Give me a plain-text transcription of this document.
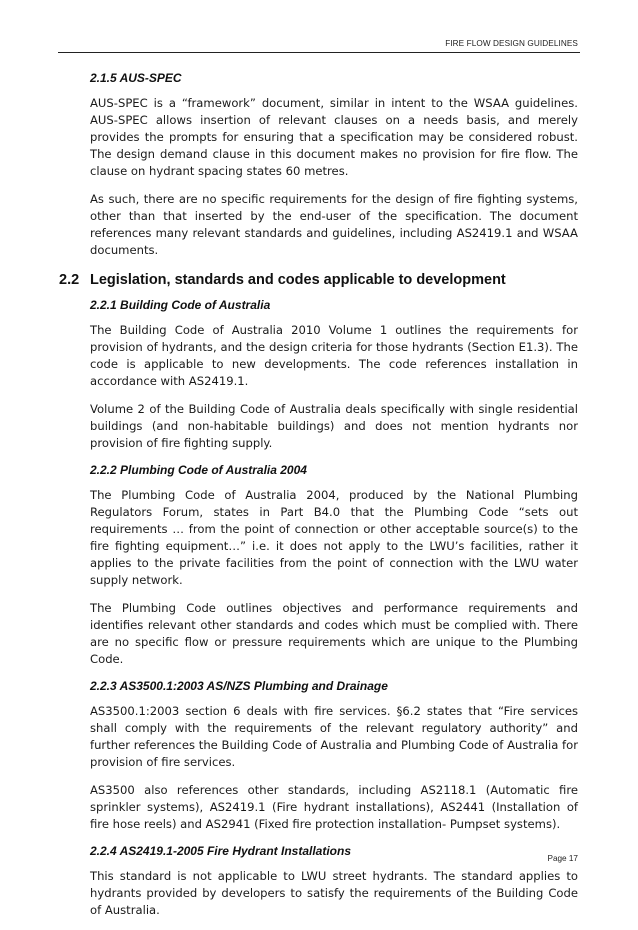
FIRE FLOW DESIGN GUIDELINES
2.1.5 AUS-SPEC

AUS-SPEC is a “framework” document, similar in intent to the WSAA guidelines. AUS-SPEC allows insertion of relevant clauses on a needs basis, and merely provides the prompts for ensuring that a specification may be considered robust. The design demand clause in this document makes no provision for fire flow. The clause on hydrant spacing states 60 metres.

As such, there are no specific requirements for the design of fire fighting systems, other than that inserted by the end-user of the specification. The document references many relevant standards and guidelines, including AS2419.1 and WSAA documents.

2.2 Legislation, standards and codes applicable to development
2.2.1 Building Code of Australia

The Building Code of Australia 2010 Volume 1 outlines the requirements for provision of hydrants, and the design criteria for those hydrants (Section E1.3). The code is applicable to new developments. The code references installation in accordance with AS2419.1.

Volume 2 of the Building Code of Australia deals specifically with single residential buildings (and non-habitable buildings) and does not mention hydrants nor provision of fire fighting supply.

2.2.2 Plumbing Code of Australia 2004

The Plumbing Code of Australia 2004, produced by the National Plumbing Regulators Forum, states in Part B4.0 that the Plumbing Code “sets out requirements … from the point of connection or other acceptable source(s) to the fire fighting equipment…” i.e. it does not apply to the LWU’s facilities, rather it applies to the private facilities from the point of connection with the LWU water supply network.

The Plumbing Code outlines objectives and performance requirements and identifies relevant other standards and codes which must be complied with. There are no specific flow or pressure requirements which are unique to the Plumbing Code.

2.2.3 AS3500.1:2003 AS/NZS Plumbing and Drainage

AS3500.1:2003 section 6 deals with fire services. §6.2 states that “Fire services shall comply with the requirements of the relevant regulatory authority” and further references the Building Code of Australia and Plumbing Code of Australia for provision of fire services.

AS3500 also references other standards, including AS2118.1 (Automatic fire sprinkler systems), AS2419.1 (Fire hydrant installations), AS2441 (Installation of fire hose reels) and AS2941 (Fixed fire protection installation- Pumpset systems).

2.2.4 AS2419.1-2005 Fire Hydrant Installations

This standard is not applicable to LWU street hydrants. The standard applies to hydrants provided by developers to satisfy the requirements of the Building Code of Australia.

Page 17
